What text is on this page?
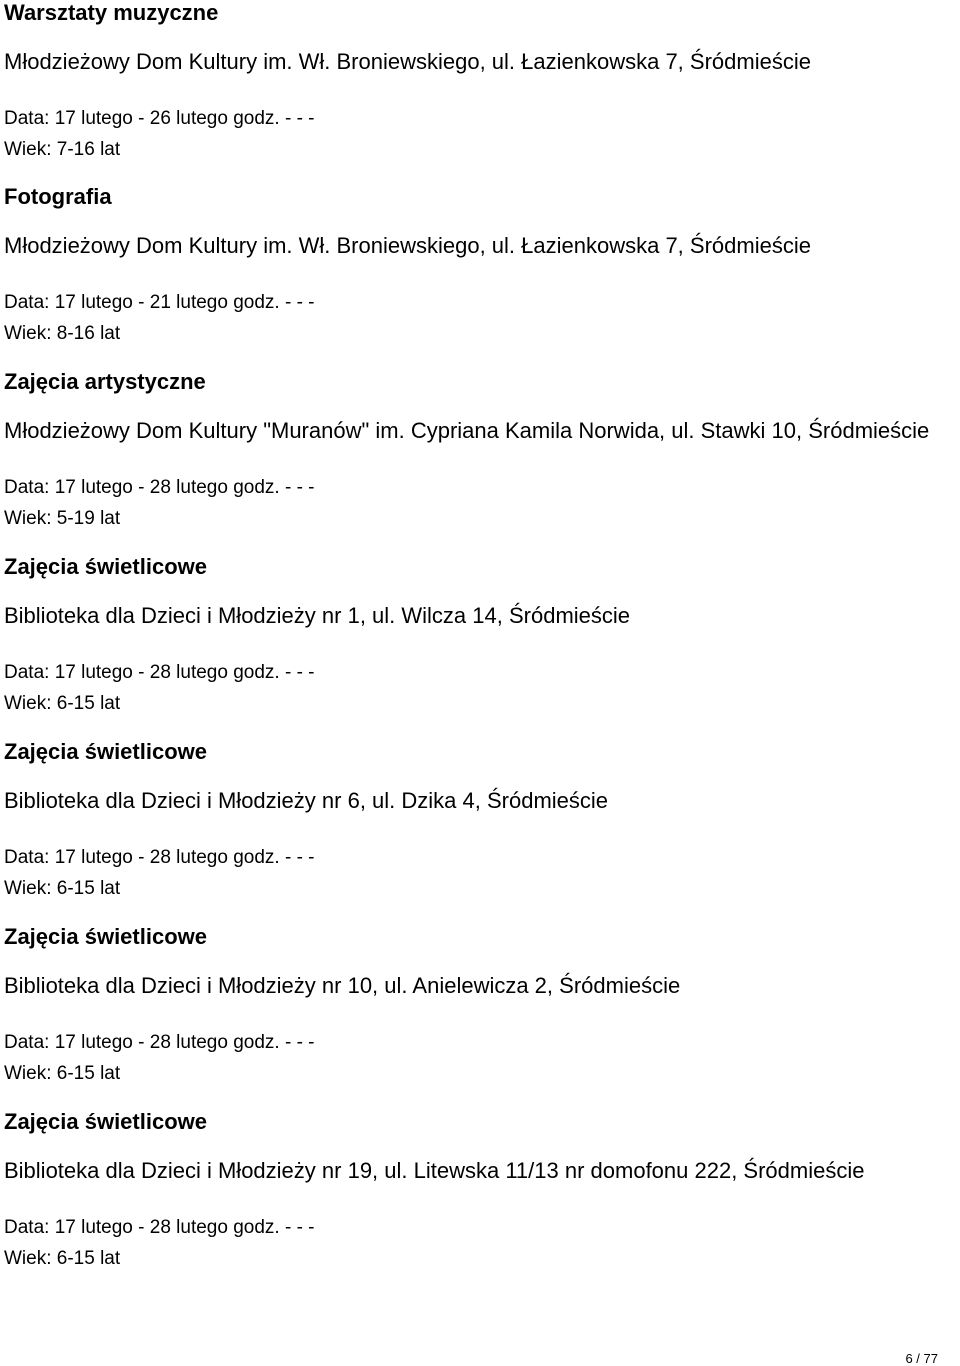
Warsztaty muzyczne
Młodzieżowy Dom Kultury im. Wł. Broniewskiego, ul. Łazienkowska 7, Śródmieście
Data: 17 lutego - 26 lutego godz. - - -
Wiek: 7-16 lat
Fotografia
Młodzieżowy Dom Kultury im. Wł. Broniewskiego, ul. Łazienkowska 7, Śródmieście
Data: 17 lutego - 21 lutego godz. - - -
Wiek: 8-16 lat
Zajęcia artystyczne
Młodzieżowy Dom Kultury "Muranów" im. Cypriana Kamila Norwida, ul. Stawki 10, Śródmieście
Data: 17 lutego - 28 lutego godz. - - -
Wiek: 5-19 lat
Zajęcia świetlicowe
Biblioteka dla Dzieci i Młodzieży nr 1, ul. Wilcza 14, Śródmieście
Data: 17 lutego - 28 lutego godz. - - -
Wiek: 6-15 lat
Zajęcia świetlicowe
Biblioteka dla Dzieci i Młodzieży nr 6, ul. Dzika 4, Śródmieście
Data: 17 lutego - 28 lutego godz. - - -
Wiek: 6-15 lat
Zajęcia świetlicowe
Biblioteka dla Dzieci i Młodzieży nr 10, ul. Anielewicza 2, Śródmieście
Data: 17 lutego - 28 lutego godz. - - -
Wiek: 6-15 lat
Zajęcia świetlicowe
Biblioteka dla Dzieci i Młodzieży nr 19, ul. Litewska 11/13 nr domofonu 222, Śródmieście
Data: 17 lutego - 28 lutego godz. - - -
Wiek: 6-15 lat
6 / 77
